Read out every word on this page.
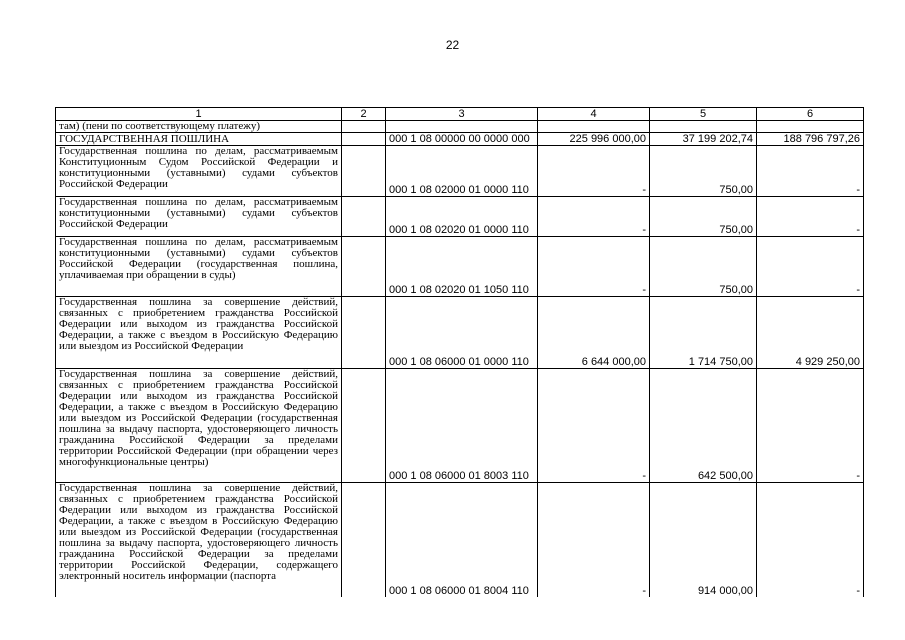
22
1	2	3	4	5	6
там) (пени по соответствующему платежу)					
ГОСУДАРСТВЕННАЯ ПОШЛИНА		000 1 08 00000 00 0000 000	225 996 000,00	37 199 202,74	188 796 797,26
Государственная пошлина по делам, рассматриваемым Конституционным Судом Российской Федерации и конституционными (уставными) судами субъектов Российской Федерации		000 1 08 02000 01 0000 110	-	750,00	-
Государственная пошлина по делам, рассматриваемым конституционными (уставными) судами субъектов Российской Федерации		000 1 08 02020 01 0000 110	-	750,00	-
Государственная пошлина по делам, рассматриваемым конституционными (уставными) судами субъектов Российской Федерации (государственная пошлина, уплачиваемая при обращении в суды)		000 1 08 02020 01 1050 110	-	750,00	-
Государственная пошлина за совершение действий, связанных с приобретением гражданства Российской Федерации или выходом из гражданства Российской Федерации, а также с въездом в Российскую Федерацию или выездом из Российской Федерации		000 1 08 06000 01 0000 110	6 644 000,00	1 714 750,00	4 929 250,00
Государственная пошлина за совершение действий, связанных с приобретением гражданства Российской Федерации или выходом из гражданства Российской Федерации, а также с въездом в Российскую Федерацию или выездом из Российской Федерации (государственная пошлина за выдачу паспорта, удостоверяющего личность гражданина Российской Федерации за пределами территории Российской Федерации (при обращении через многофункциональные центры)		000 1 08 06000 01 8003 110	-	642 500,00	-
Государственная пошлина за совершение действий, связанных с приобретением гражданства Российской Федерации или выходом из гражданства Российской Федерации, а также с въездом в Российскую Федерацию или выездом из Российской Федерации (государственная пошлина за выдачу паспорта, удостоверяющего личность гражданина Российской Федерации за пределами территории Российской Федерации, содержащего электронный носитель информации (паспорта		000 1 08 06000 01 8004 110	-	914 000,00	-
